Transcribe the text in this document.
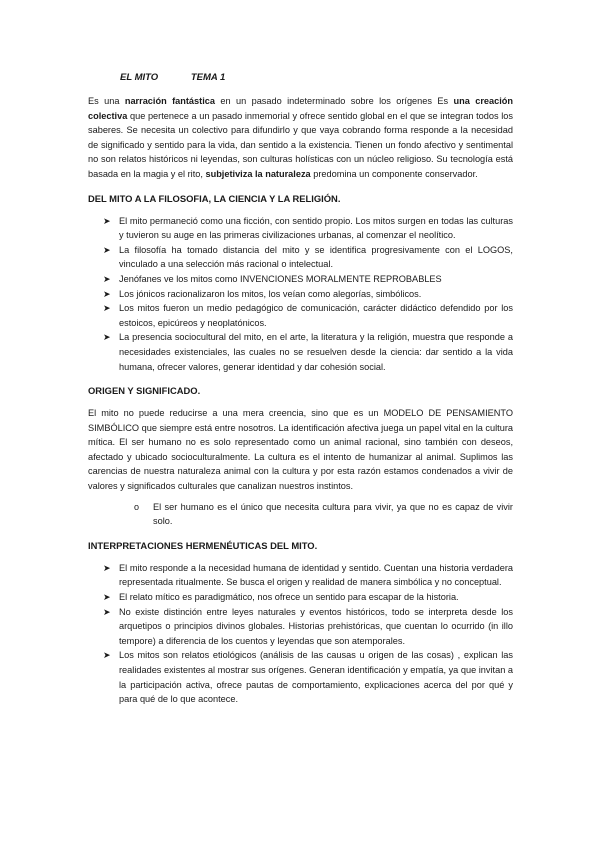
EL MITO	TEMA 1

Es una narración fantástica en un pasado indeterminado sobre los orígenes Es una creación colectiva que pertenece a un pasado inmemorial y ofrece sentido global en el que se integran todos los saberes. Se necesita un colectivo para difundirlo y que vaya cobrando forma responde a la necesidad de significado y sentido para la vida, dan sentido a la existencia. Tienen un fondo afectivo y sentimental no son relatos históricos ni leyendas, son culturas holísticas con un núcleo religioso. Su tecnología está basada en la magia y el rito, subjetiviza la naturaleza predomina un componente conservador.

DEL MITO A LA FILOSOFIA, LA CIENCIA Y LA RELIGIÓN.
➤ El mito permaneció como una ficción, con sentido propio. Los mitos surgen en todas las culturas y tuvieron su auge en las primeras civilizaciones urbanas, al comenzar el neolítico.
➤ La filosofía ha tomado distancia del mito y se identifica progresivamente con el LOGOS, vinculado a una selección más racional o intelectual.
➤ Jenófanes ve los mitos como INVENCIONES MORALMENTE REPROBABLES
➤ Los jónicos racionalizaron los mitos, los veían como alegorías, simbólicos.
➤ Los mitos fueron un medio pedagógico de comunicación, carácter didáctico defendido por los estoicos, epicúreos y neoplatónicos.
➤ La presencia sociocultural del mito, en el arte, la literatura y la religión, muestra que responde a necesidades existenciales, las cuales no se resuelven desde la ciencia: dar sentido a la vida humana, ofrecer valores, generar identidad y dar cohesión social.
ORIGEN Y SIGNIFICADO.

El mito no puede reducirse a una mera creencia, sino que es un MODELO DE PENSAMIENTO SIMBÓLICO que siempre está entre nosotros. La identificación afectiva juega un papel vital en la cultura mítica. El ser humano no es solo representado como un animal racional, sino también con deseos, afectado y ubicado socioculturalmente. La cultura es el intento de humanizar al animal. Suplimos las carencias de nuestra naturaleza animal con la cultura y por esta razón estamos condenados a vivir de valores y significados culturales que canalizan nuestros instintos.

o El ser humano es el único que necesita cultura para vivir, ya que no es capaz de vivir solo.
INTERPRETACIONES HERMENÉUTICAS DEL MITO.
➤ El mito responde a la necesidad humana de identidad y sentido. Cuentan una historia verdadera representada ritualmente. Se busca el origen y realidad de manera simbólica y no conceptual.
➤ El relato mítico es paradigmático, nos ofrece un sentido para escapar de la historia.
➤ No existe distinción entre leyes naturales y eventos históricos, todo se interpreta desde los arquetipos o principios divinos globales. Historias prehistóricas, que cuentan lo ocurrido (in illo tempore) a diferencia de los cuentos y leyendas que son atemporales.
➤ Los mitos son relatos etiológicos (análisis de las causas u origen de las cosas) , explican las realidades existentes al mostrar sus orígenes. Generan identificación y empatía, ya que invitan a la participación activa, ofrece pautas de comportamiento, explicaciones acerca del por qué y para qué de lo que acontece.
